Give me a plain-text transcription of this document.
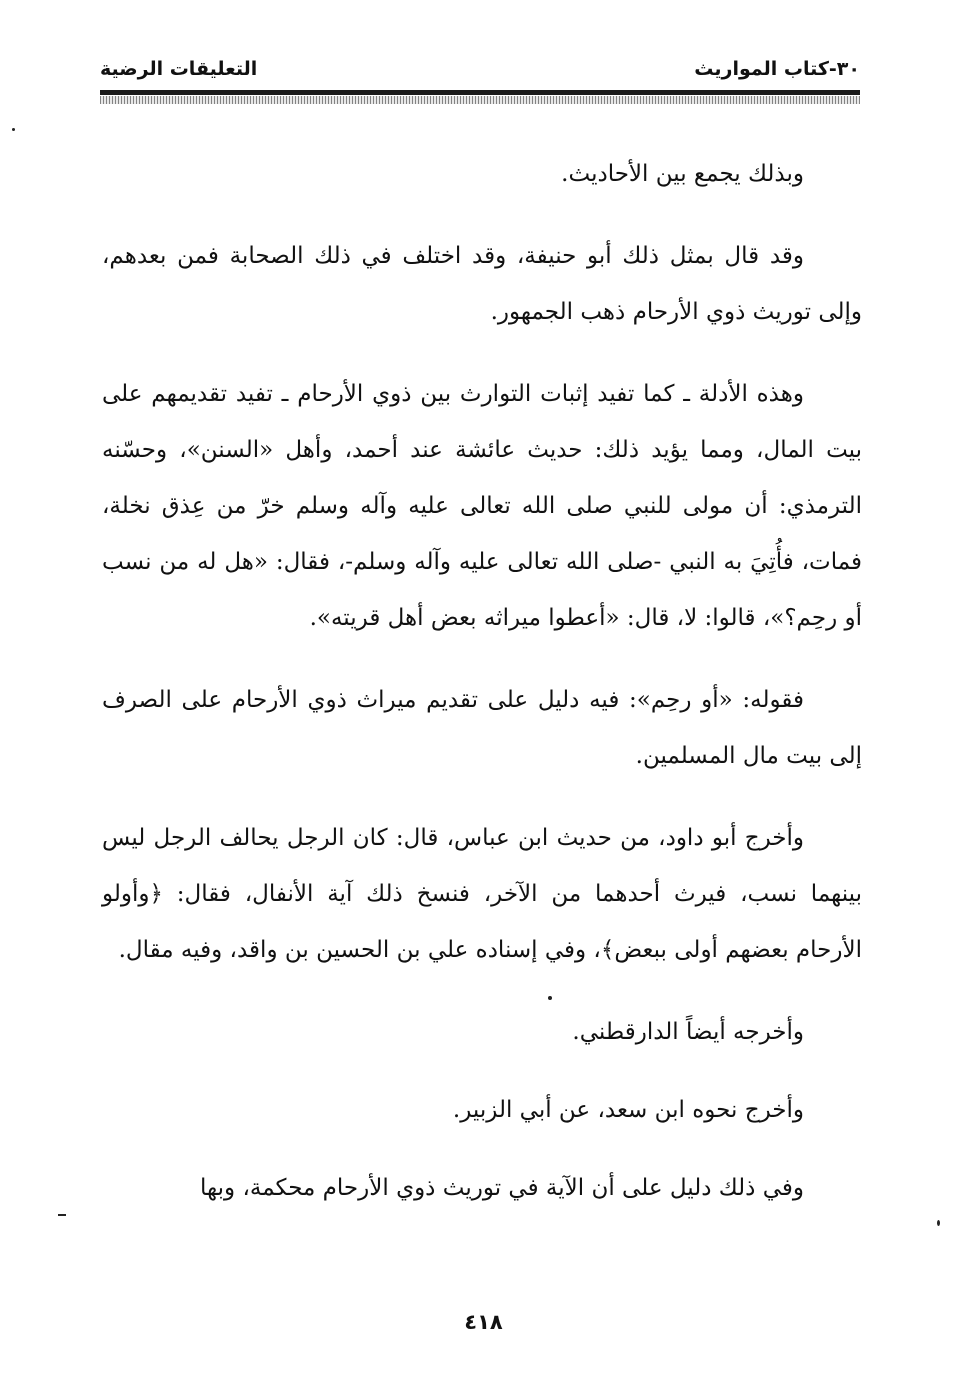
٣٠-كتاب المواريث
التعليقات الرضية

وبذلك يجمع بين الأحاديث.

وقد قال بمثل ذلك أبو حنيفة، وقد اختلف في ذلك الصحابة فمن بعدهم، وإلى توريث ذوي الأرحام ذهب الجمهور.

وهذه الأدلة ـ كما تفيد إثبات التوارث بين ذوي الأرحام ـ تفيد تقديمهم على بيت المال، ومما يؤيد ذلك: حديث عائشة عند أحمد، وأهل «السنن»، وحسّنه الترمذي: أن مولى للنبي صلى الله تعالى عليه وآله وسلم خرّ من عِذق نخلة، فمات، فأُتِيَ به النبي -صلى الله تعالى عليه وآله وسلم-، فقال: «هل له من نسب أو رحِم؟»، قالوا: لا، قال: «أعطوا ميراثه بعض أهل قريته».

فقوله: «أو رحِم»: فيه دليل على تقديم ميراث ذوي الأرحام على الصرف إلى بيت مال المسلمين.

وأخرج أبو داود، من حديث ابن عباس، قال: كان الرجل يحالف الرجل ليس بينهما نسب، فيرث أحدهما من الآخر، فنسخ ذلك آية الأنفال، فقال: ﴿وأولو الأرحام بعضهم أولى ببعض﴾، وفي إسناده علي بن الحسين بن واقد، وفيه مقال.

وأخرجه أيضاً الدارقطني.

وأخرج نحوه ابن سعد، عن أبي الزبير.

وفي ذلك دليل على أن الآية في توريث ذوي الأرحام محكمة، وبها

٤١٨
